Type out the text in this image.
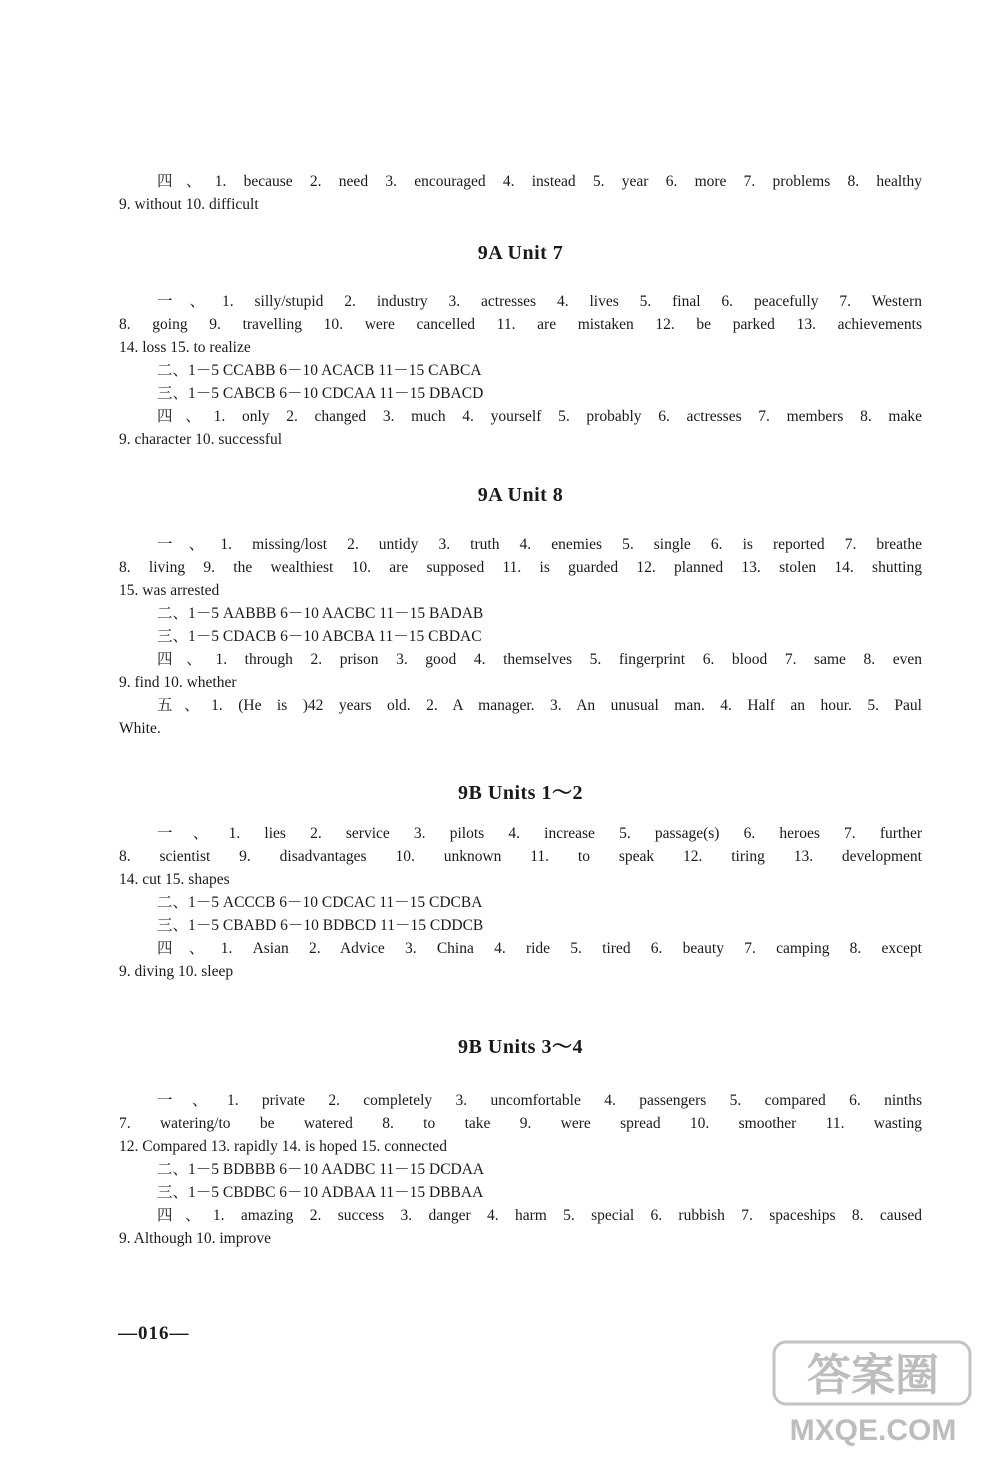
四、1. because 2. need 3. encouraged 4. instead 5. year 6. more 7. problems 8. healthy
9. without 10. difficult
9A Unit 7
一、1. silly/stupid 2. industry 3. actresses 4. lives 5. final 6. peacefully 7. Western
8. going 9. travelling 10. were cancelled 11. are mistaken 12. be parked 13. achievements
14. loss 15. to realize
二、1－5 CCABB 6－10 ACACB 11－15 CABCA
三、1－5 CABCB 6－10 CDCAA 11－15 DBACD
四、1. only 2. changed 3. much 4. yourself 5. probably 6. actresses 7. members 8. make
9. character 10. successful
9A Unit 8
一、1. missing/lost 2. untidy 3. truth 4. enemies 5. single 6. is reported 7. breathe
8. living 9. the wealthiest 10. are supposed 11. is guarded 12. planned 13. stolen 14. shutting
15. was arrested
二、1－5 AABBB 6－10 AACBC 11－15 BADAB
三、1－5 CDACB 6－10 ABCBA 11－15 CBDAC
四、1. through 2. prison 3. good 4. themselves 5. fingerprint 6. blood 7. same 8. even
9. find 10. whether
五、1. (He is )42 years old. 2. A manager. 3. An unusual man. 4. Half an hour. 5. Paul
White.
9B Units 1～2
一、1. lies 2. service 3. pilots 4. increase 5. passage(s) 6. heroes 7. further
8. scientist 9. disadvantages 10. unknown 11. to speak 12. tiring 13. development
14. cut 15. shapes
二、1－5 ACCCB 6－10 CDCAC 11－15 CDCBA
三、1－5 CBABD 6－10 BDBCD 11－15 CDDCB
四、1. Asian 2. Advice 3. China 4. ride 5. tired 6. beauty 7. camping 8. except
9. diving 10. sleep
9B Units 3～4
一、1. private 2. completely 3. uncomfortable 4. passengers 5. compared 6. ninths
7. watering/to be watered 8. to take 9. were spread 10. smoother 11. wasting
12. Compared 13. rapidly 14. is hoped 15. connected
二、1－5 BDBBB 6－10 AADBC 11－15 DCDAA
三、1－5 CBDBC 6－10 ADBAA 11－15 DBBAA
四、1. amazing 2. success 3. danger 4. harm 5. special 6. rubbish 7. spaceships 8. caused
9. Although 10. improve
—016—
答案圈
MXQE.COM
